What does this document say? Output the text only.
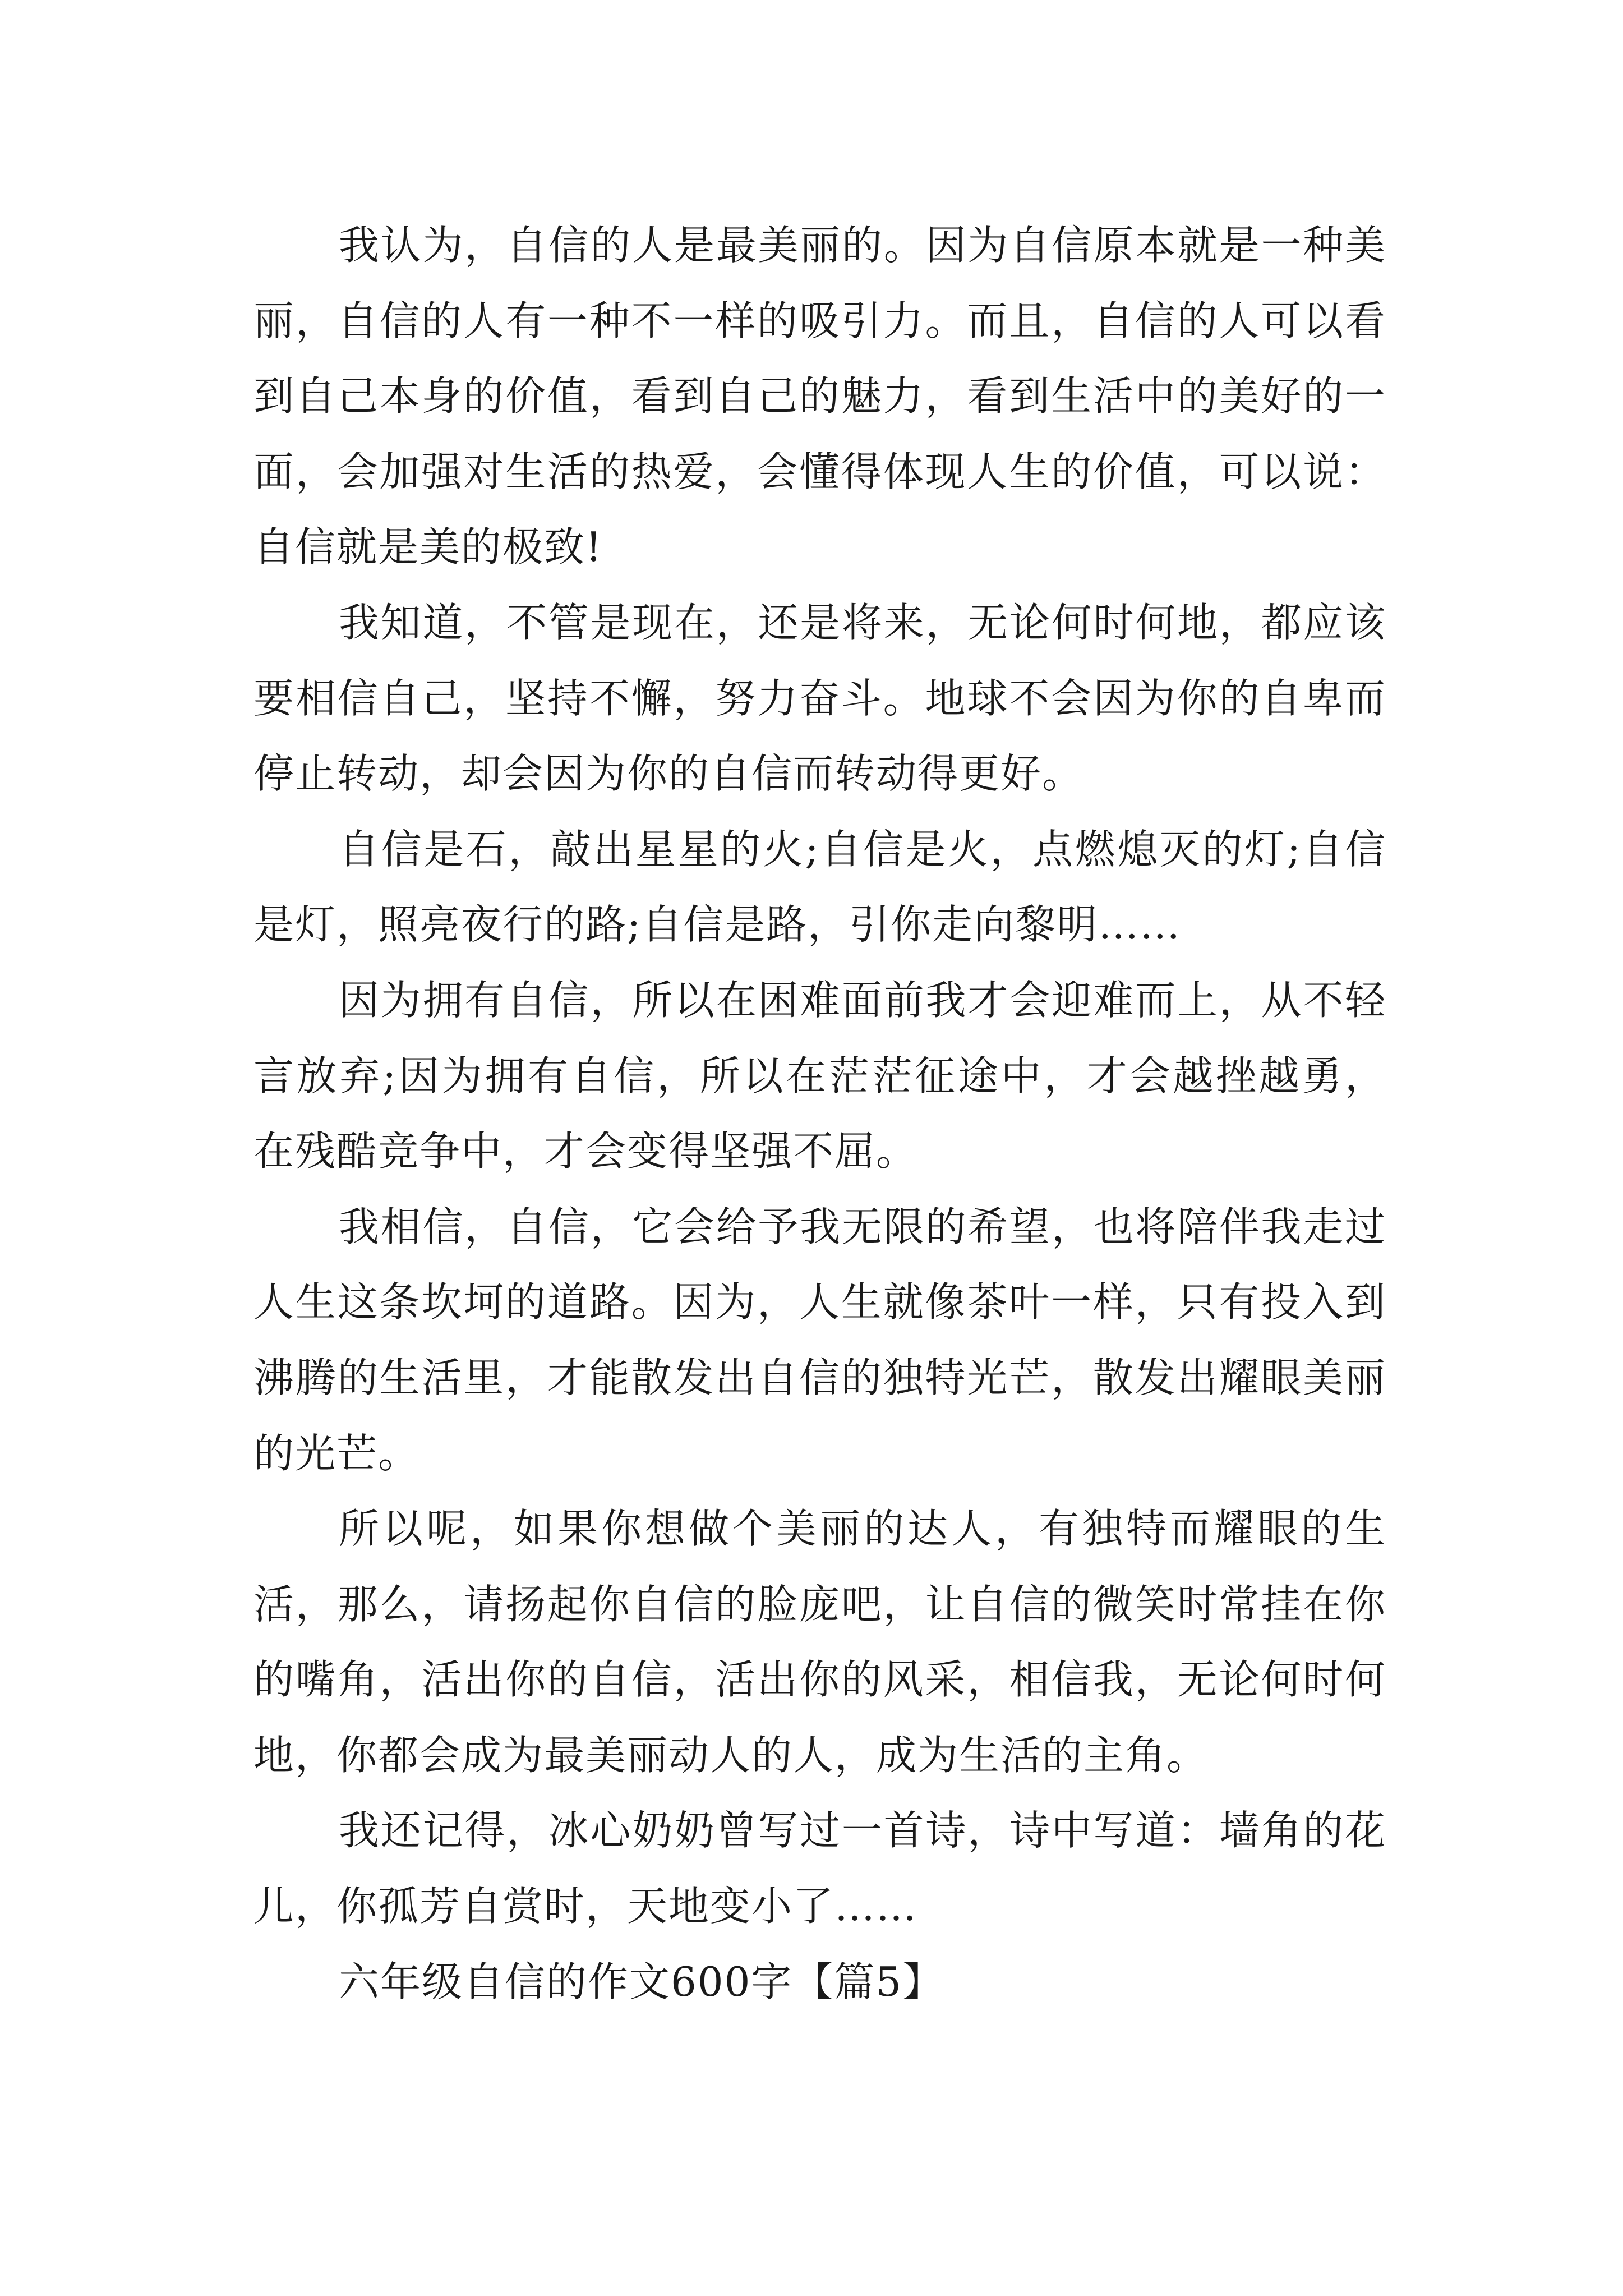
我认为，自信的人是最美丽的。因为自信原本就是一种美丽，自信的人有一种不一样的吸引力。而且，自信的人可以看到自己本身的价值，看到自己的魅力，看到生活中的美好的一面，会加强对生活的热爱，会懂得体现人生的价值，可以说：自信就是美的极致!

我知道，不管是现在，还是将来，无论何时何地，都应该要相信自己，坚持不懈，努力奋斗。地球不会因为你的自卑而停止转动，却会因为你的自信而转动得更好。

自信是石，敲出星星的火;自信是火，点燃熄灭的灯;自信是灯，照亮夜行的路;自信是路，引你走向黎明……

因为拥有自信，所以在困难面前我才会迎难而上，从不轻言放弃;因为拥有自信，所以在茫茫征途中，才会越挫越勇，在残酷竞争中，才会变得坚强不屈。

我相信，自信，它会给予我无限的希望，也将陪伴我走过人生这条坎坷的道路。因为，人生就像茶叶一样，只有投入到沸腾的生活里，才能散发出自信的独特光芒，散发出耀眼美丽的光芒。

所以呢，如果你想做个美丽的达人，有独特而耀眼的生活，那么，请扬起你自信的脸庞吧，让自信的微笑时常挂在你的嘴角，活出你的自信，活出你的风采，相信我，无论何时何地，你都会成为最美丽动人的人，成为生活的主角。

我还记得，冰心奶奶曾写过一首诗，诗中写道：墙角的花儿，你孤芳自赏时，天地变小了……

六年级自信的作文600字【篇5】
